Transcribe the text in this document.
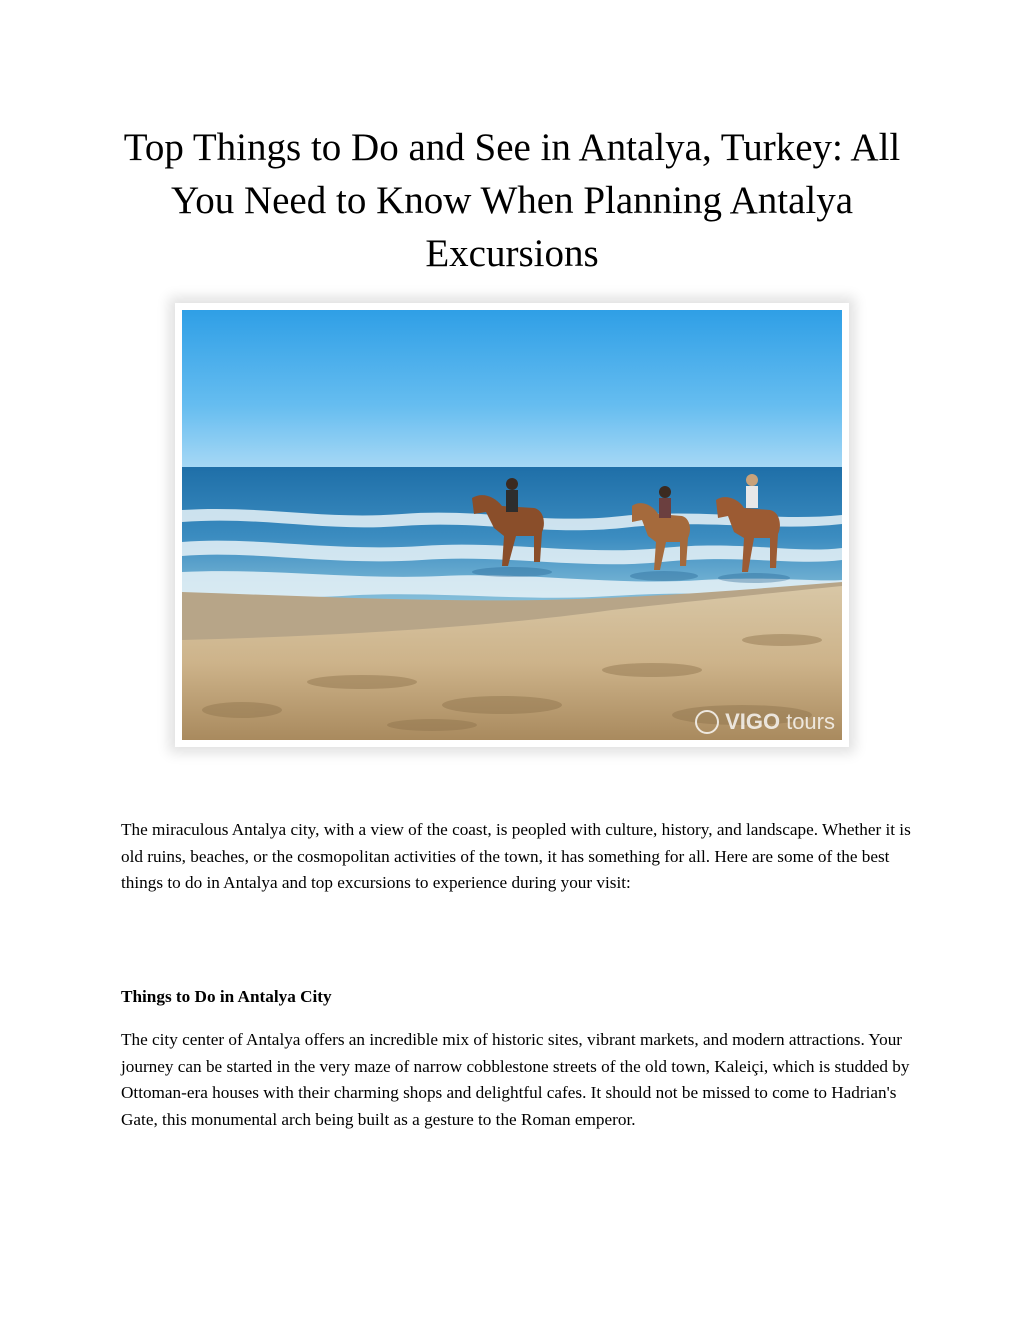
Top Things to Do and See in Antalya, Turkey: All You Need to Know When Planning Antalya Excursions
VIGO tours

The miraculous Antalya city, with a view of the coast, is peopled with culture, history, and landscape. Whether it is old ruins, beaches, or the cosmopolitan activities of the town, it has something for all. Here are some of the best things to do in Antalya and top excursions to experience during your visit:

Things to Do in Antalya City

The city center of Antalya offers an incredible mix of historic sites, vibrant markets, and modern attractions. Your journey can be started in the very maze of narrow cobblestone streets of the old town, Kaleiçi, which is studded by Ottoman-era houses with their charming shops and delightful cafes. It should not be missed to come to Hadrian's Gate, this monumental arch being built as a gesture to the Roman emperor.
